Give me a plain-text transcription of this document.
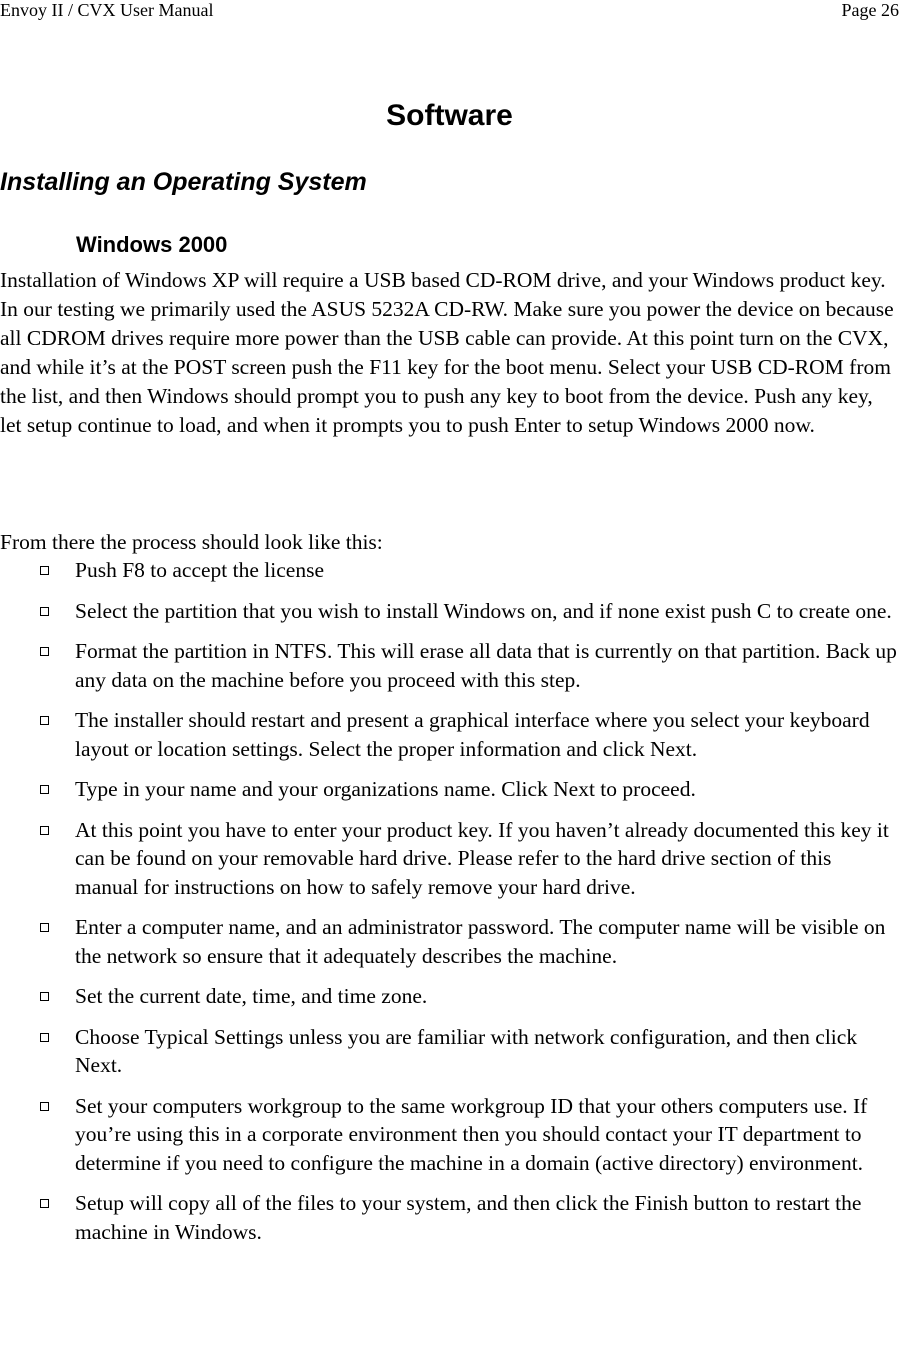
Envoy II / CVX User Manual	Page 26
Software
Installing an Operating System
Windows 2000

Installation of Windows XP will require a USB based CD-ROM drive, and your Windows product key. In our testing we primarily used the ASUS 5232A CD-RW. Make sure you power the device on because all CDROM drives require more power than the USB cable can provide. At this point turn on the CVX, and while it’s at the POST screen push the F11 key for the boot menu. Select your USB CD-ROM from the list, and then Windows should prompt you to push any key to boot from the device. Push any key, let setup continue to load, and when it prompts you to push Enter to setup Windows 2000 now.

From there the process should look like this:

Push F8 to accept the license
Select the partition that you wish to install Windows on, and if none exist push C to create one.
Format the partition in NTFS. This will erase all data that is currently on that partition. Back up any data on the machine before you proceed with this step.
The installer should restart and present a graphical interface where you select your keyboard layout or location settings. Select the proper information and click Next.
Type in your name and your organizations name. Click Next to proceed.
At this point you have to enter your product key. If you haven’t already documented this key it can be found on your removable hard drive. Please refer to the hard drive section of this manual for instructions on how to safely remove your hard drive.
Enter a computer name, and an administrator password. The computer name will be visible on the network so ensure that it adequately describes the machine.
Set the current date, time, and time zone.
Choose Typical Settings unless you are familiar with network configuration, and then click Next.
Set your computers workgroup to the same workgroup ID that your others computers use. If you’re using this in a corporate environment then you should contact your IT department to determine if you need to configure the machine in a domain (active directory) environment.
Setup will copy all of the files to your system, and then click the Finish button to restart the machine in Windows.
